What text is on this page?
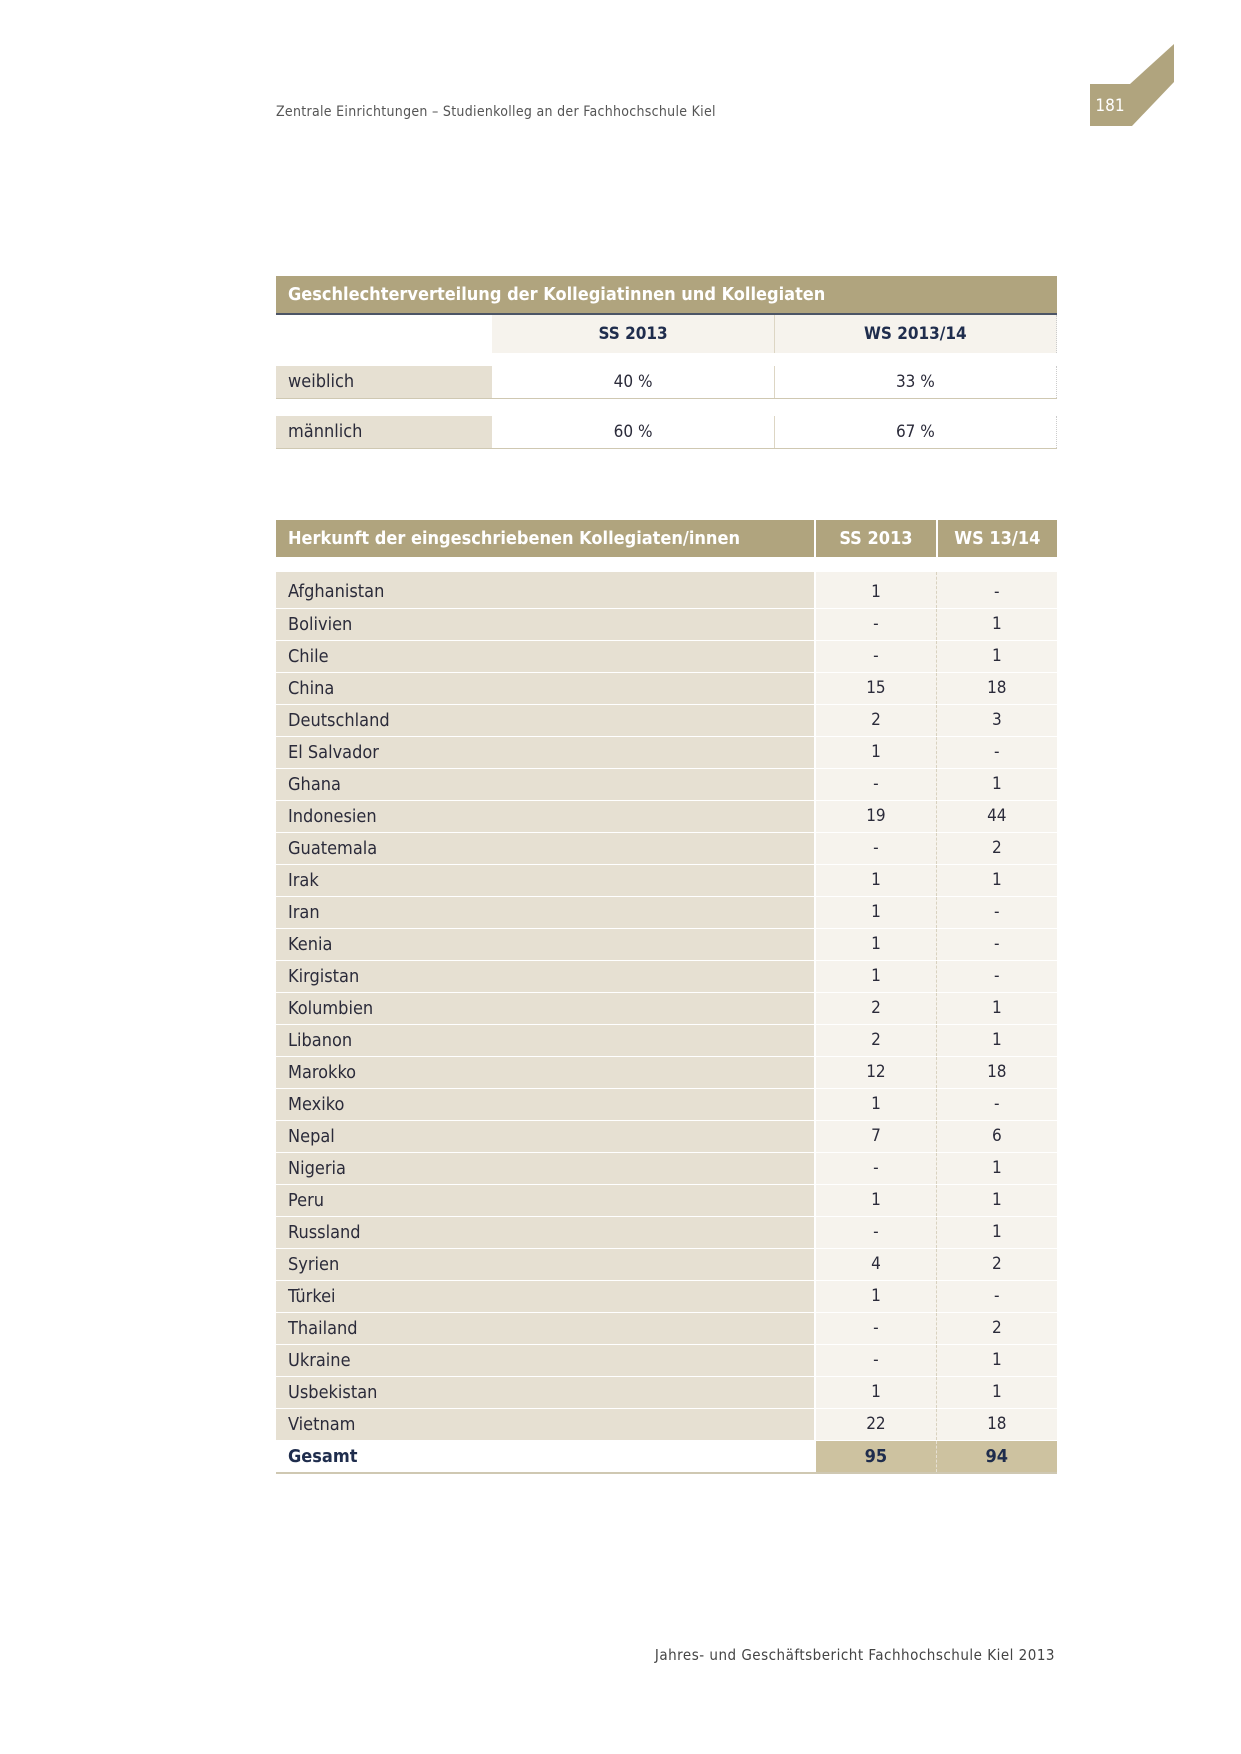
Zentrale Einrichtungen – Studienkolleg an der Fachhochschule Kiel	181
Geschlechterverteilung der Kollegiatinnen und Kollegiaten
SS 2013	WS 2013/14
weiblich	40 %	33 %
männlich	60 %	67 %
Herkunft der eingeschriebenen Kollegiaten/innen	SS 2013	WS 13/14
Afghanistan	1	-
Bolivien	-	1
Chile	-	1
China	15	18
Deutschland	2	3
El Salvador	1	-
Ghana	-	1
Indonesien	19	44
Guatemala	-	2
Irak	1	1
Iran	1	-
Kenia	1	-
Kirgistan	1	-
Kolumbien	2	1
Libanon	2	1
Marokko	12	18
Mexiko	1	-
Nepal	7	6
Nigeria	-	1
Peru	1	1
Russland	-	1
Syrien	4	2
Türkei	1	-
Thailand	-	2
Ukraine	-	1
Usbekistan	1	1
Vietnam	22	18
Gesamt	95	94
Jahres- und Geschäftsbericht Fachhochschule Kiel 2013
